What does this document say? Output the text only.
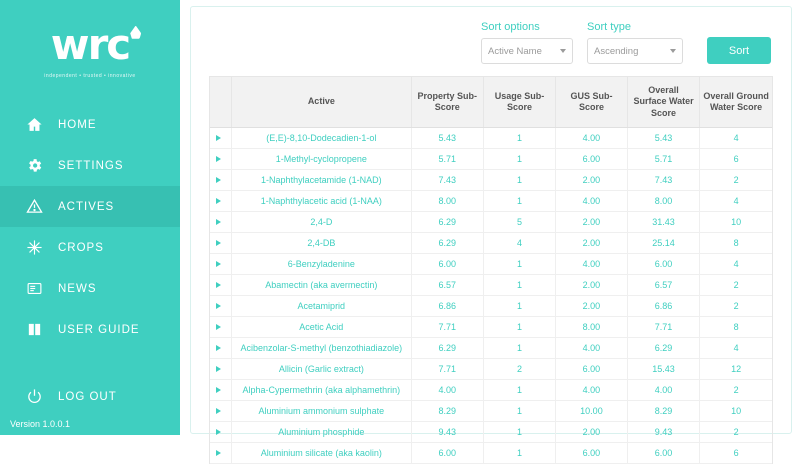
wrc
independent • trusted • innovative
HOME
SETTINGS
ACTIVES
CROPS
NEWS
USER GUIDE
LOG OUT
Version 1.0.0.1
Sort options
Active Name
Sort type
Ascending	Sort
	Active	Property Sub-Score	Usage Sub-Score	GUS Sub-Score	Overall Surface Water Score	Overall Ground Water Score
	(E,E)-8,10-Dodecadien-1-ol	5.43	1	4.00	5.43	4
	1-Methyl-cyclopropene	5.71	1	6.00	5.71	6
	1-Naphthylacetamide (1-NAD)	7.43	1	2.00	7.43	2
	1-Naphthylacetic acid (1-NAA)	8.00	1	4.00	8.00	4
	2,4-D	6.29	5	2.00	31.43	10
	2,4-DB	6.29	4	2.00	25.14	8
	6-Benzyladenine	6.00	1	4.00	6.00	4
	Abamectin (aka avermectin)	6.57	1	2.00	6.57	2
	Acetamiprid	6.86	1	2.00	6.86	2
	Acetic Acid	7.71	1	8.00	7.71	8
	Acibenzolar-S-methyl (benzothiadiazole)	6.29	1	4.00	6.29	4
	Allicin (Garlic extract)	7.71	2	6.00	15.43	12
	Alpha-Cypermethrin (aka alphamethrin)	4.00	1	4.00	4.00	2
	Aluminium ammonium sulphate	8.29	1	10.00	8.29	10
	Aluminium phosphide	9.43	1	2.00	9.43	2
	Aluminium silicate (aka kaolin)	6.00	1	6.00	6.00	6
